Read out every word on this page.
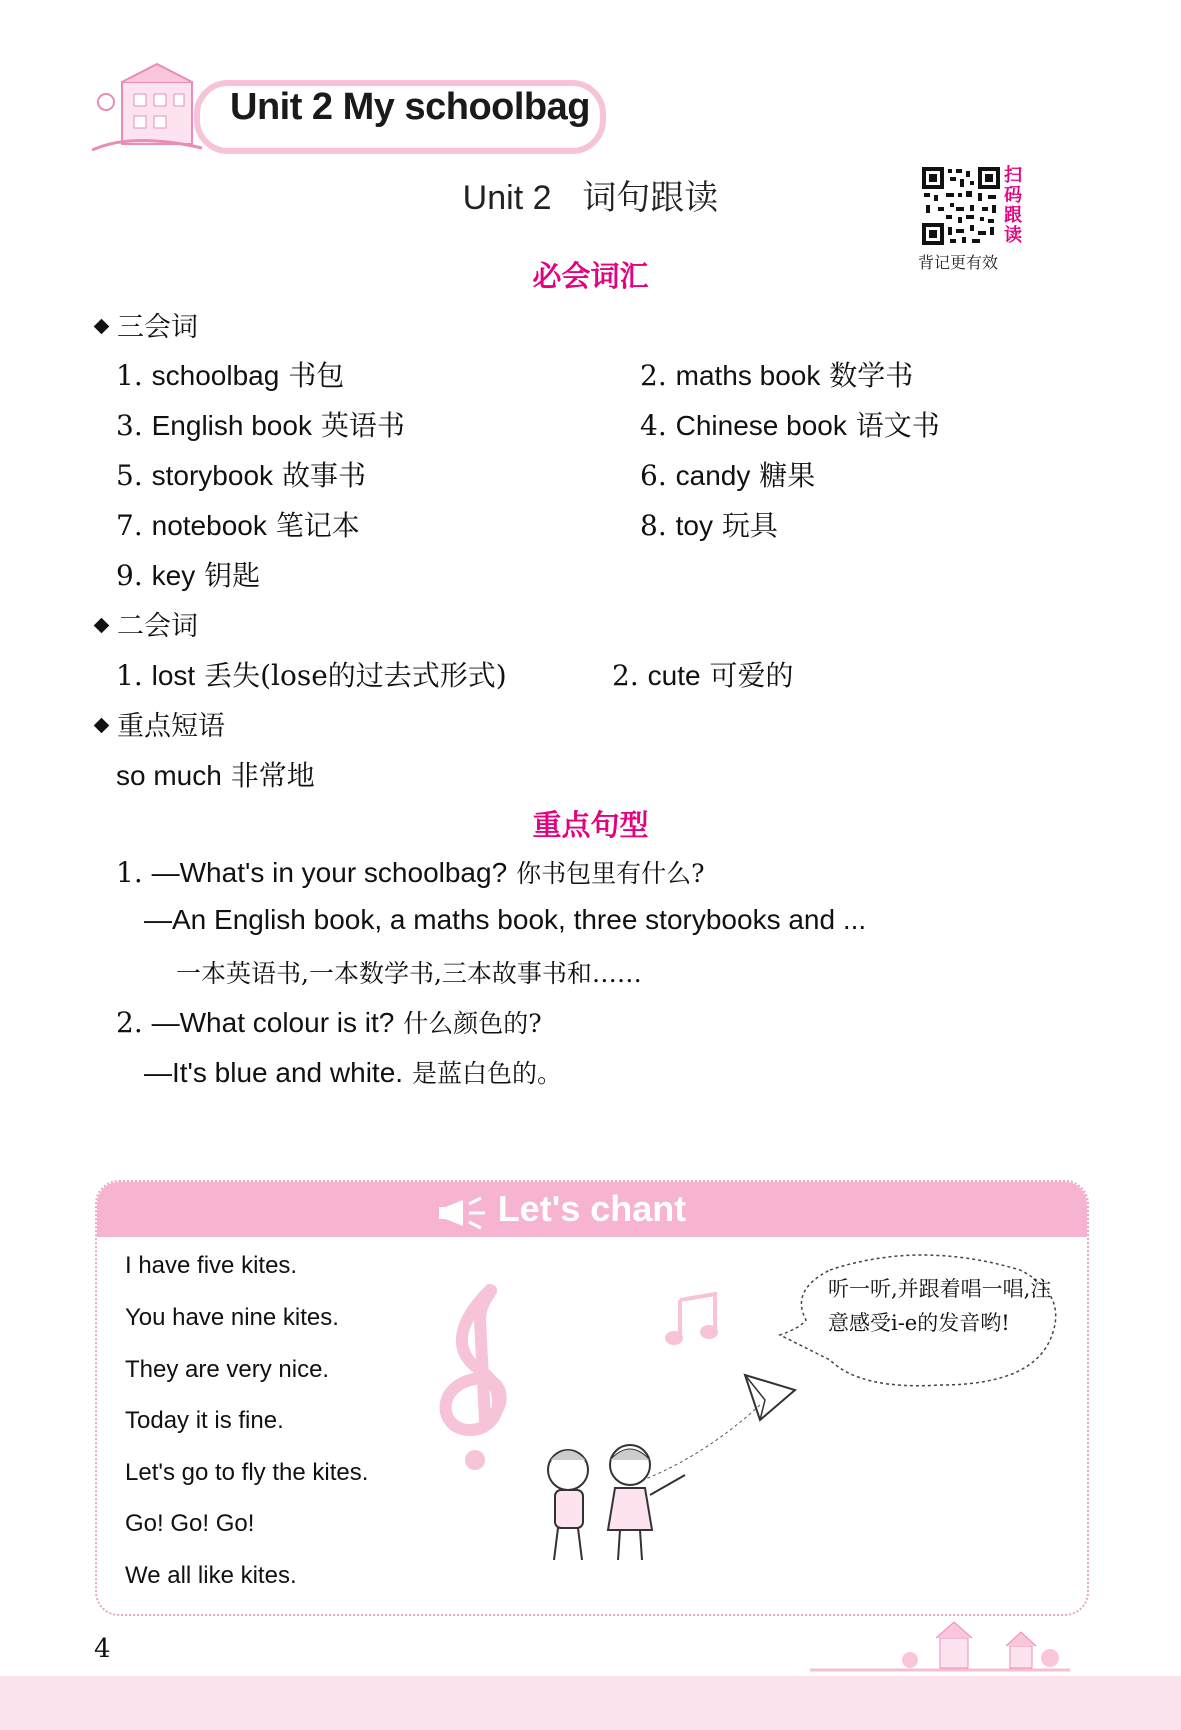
Unit 2 My schoolbag
Unit 2 词句跟读
扫
码
跟
读
背记更有效
必会词汇
三会词
1. schoolbag 书包	2. maths book 数学书
3. English book 英语书	4. Chinese book 语文书
5. storybook 故事书	6. candy 糖果
7. notebook 笔记本	8. toy 玩具
9. key 钥匙
二会词
1. lost 丢失(lose的过去式形式)	2. cute 可爱的
重点短语
so much 非常地
重点句型
1. —What's in your schoolbag? 你书包里有什么?
—An English book, a maths book, three storybooks and ...
一本英语书,一本数学书,三本故事书和……
2. —What colour is it? 什么颜色的?
—It's blue and white. 是蓝白色的。
Let's chant
I have five kites.
You have nine kites.
They are very nice.
Today it is fine.
Let's go to fly the kites.
Go! Go! Go!
We all like kites.
听一听,并跟着唱一唱,注意感受i-e的发音哟!
4
